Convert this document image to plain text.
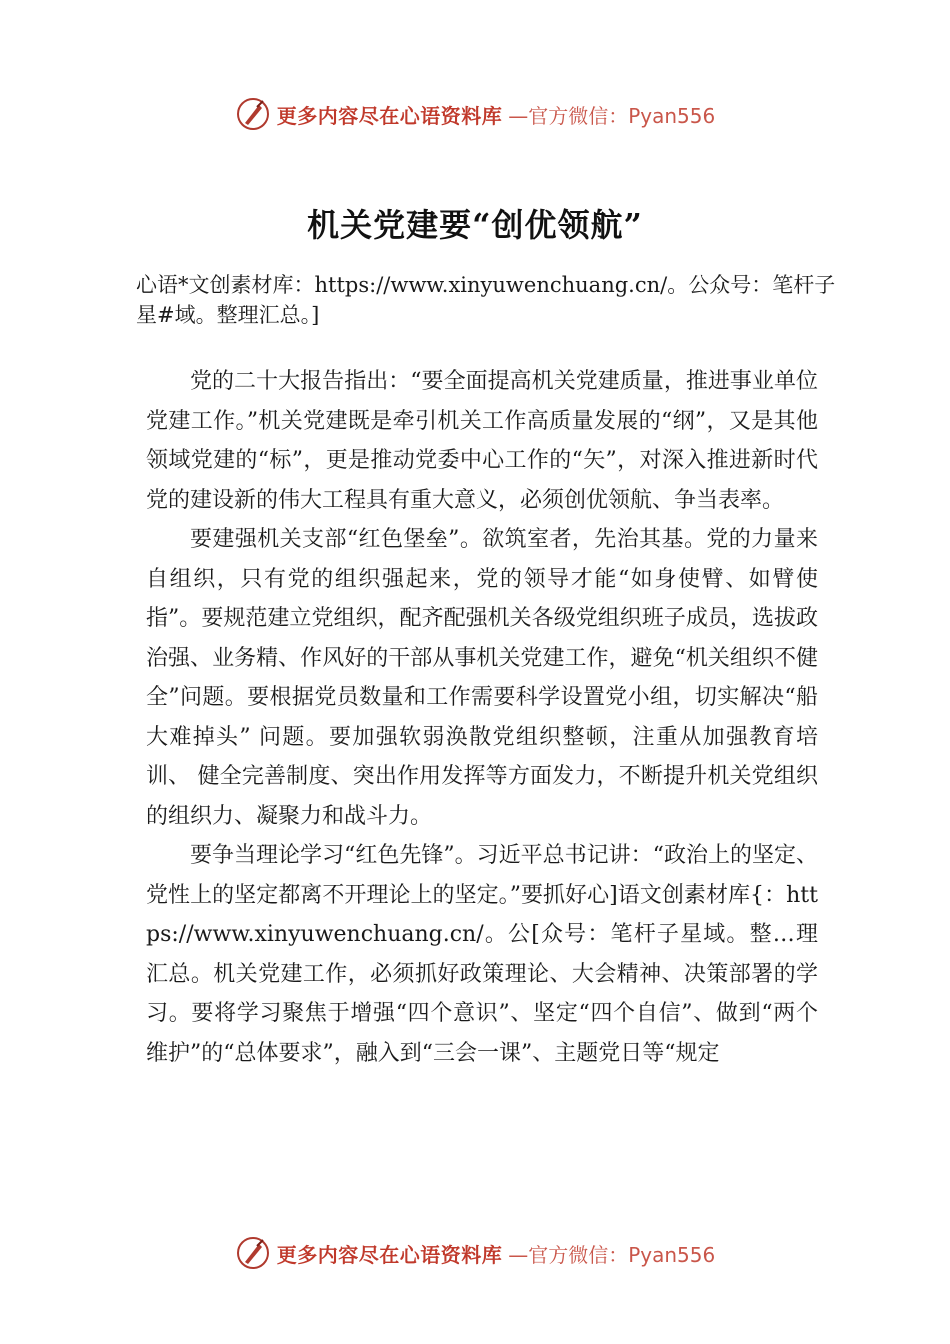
更多内容尽在心语资料库 —官方微信：Pyan556
机关党建要“创优领航”
心语*文创素材库：https://www.xinyuwenchuang.cn/。公众号：笔杆子星#域。整理汇总。]

党的二十大报告指出：“要全面提高机关党建质量，推进事业单位党建工作。”机关党建既是牵引机关工作高质量发展的“纲”，又是其他领域党建的“标”，更是推动党委中心工作的“矢”，对深入推进新时代党的建设新的伟大工程具有重大意义，必须创优领航、争当表率。

要建强机关支部“红色堡垒”。欲筑室者，先治其基。党的力量来自组织，只有党的组织强起来，党的领导才能“如身使臂、如臂使指”。要规范建立党组织，配齐配强机关各级党组织班子成员，选拔政治强、业务精、作风好的干部从事机关党建工作，避免“机关组织不健全”问题。要根据党员数量和工作需要科学设置党小组，切实解决“船大难掉头” 问题。要加强软弱涣散党组织整顿，注重从加强教育培训、 健全完善制度、突出作用发挥等方面发力，不断提升机关党组织的组织力、凝聚力和战斗力。

要争当理论学习“红色先锋”。习近平总书记讲：“政治上的坚定、党性上的坚定都离不开理论上的坚定。”要抓好心]语文创素材库{：https://www.xinyuwenchuang.cn/。公[众号：笔杆子星域。整…理汇总。机关党建工作，必须抓好政策理论、大会精神、决策部署的学习。要将学习聚焦于增强“四个意识”、坚定“四个自信”、做到“两个维护”的“总体要求”，融入到“三会一课”、主题党日等“规定

更多内容尽在心语资料库 —官方微信：Pyan556
